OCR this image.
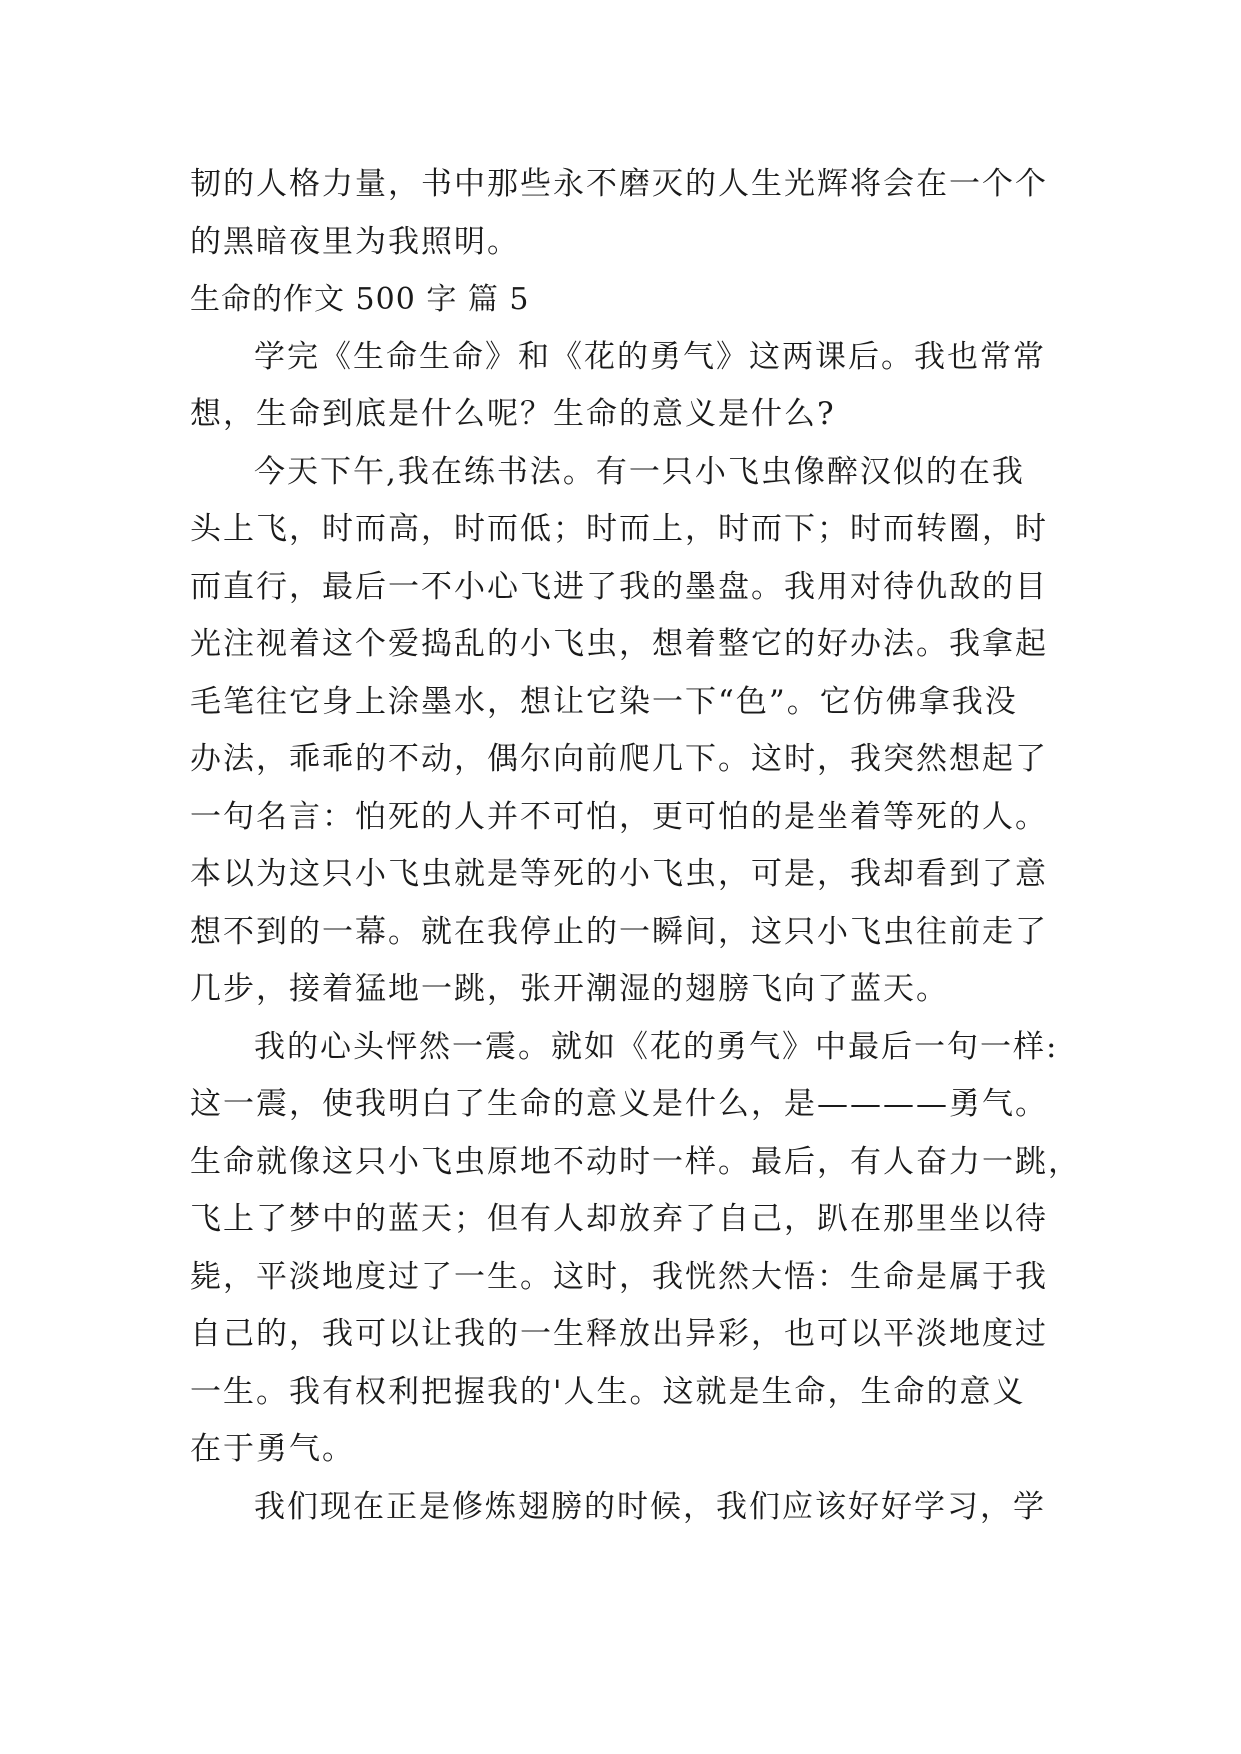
韧的人格力量，书中那些永不磨灭的人生光辉将会在一个个
的黑暗夜里为我照明。
生命的作文 500 字 篇 5
学完《生命生命》和《花的勇气》这两课后。我也常常
想，生命到底是什么呢？生命的意义是什么?
今天下午,我在练书法。有一只小飞虫像醉汉似的在我
头上飞，时而高，时而低；时而上，时而下；时而转圈，时
而直行，最后一不小心飞进了我的墨盘。我用对待仇敌的目
光注视着这个爱捣乱的小飞虫，想着整它的好办法。我拿起
毛笔往它身上涂墨水，想让它染一下“色”。它仿佛拿我没
办法，乖乖的不动，偶尔向前爬几下。这时，我突然想起了
一句名言：怕死的人并不可怕，更可怕的是坐着等死的人。
本以为这只小飞虫就是等死的小飞虫，可是，我却看到了意
想不到的一幕。就在我停止的一瞬间，这只小飞虫往前走了
几步，接着猛地一跳，张开潮湿的翅膀飞向了蓝天。
我的心头怦然一震。就如《花的勇气》中最后一句一样:
这一震，使我明白了生命的意义是什么，是————勇气。
生命就像这只小飞虫原地不动时一样。最后，有人奋力一跳，
飞上了梦中的蓝天；但有人却放弃了自己，趴在那里坐以待
毙，平淡地度过了一生。这时，我恍然大悟：生命是属于我
自己的，我可以让我的一生释放出异彩，也可以平淡地度过
一生。我有权利把握我的'人生。这就是生命，生命的意义
在于勇气。
我们现在正是修炼翅膀的时候，我们应该好好学习，学
